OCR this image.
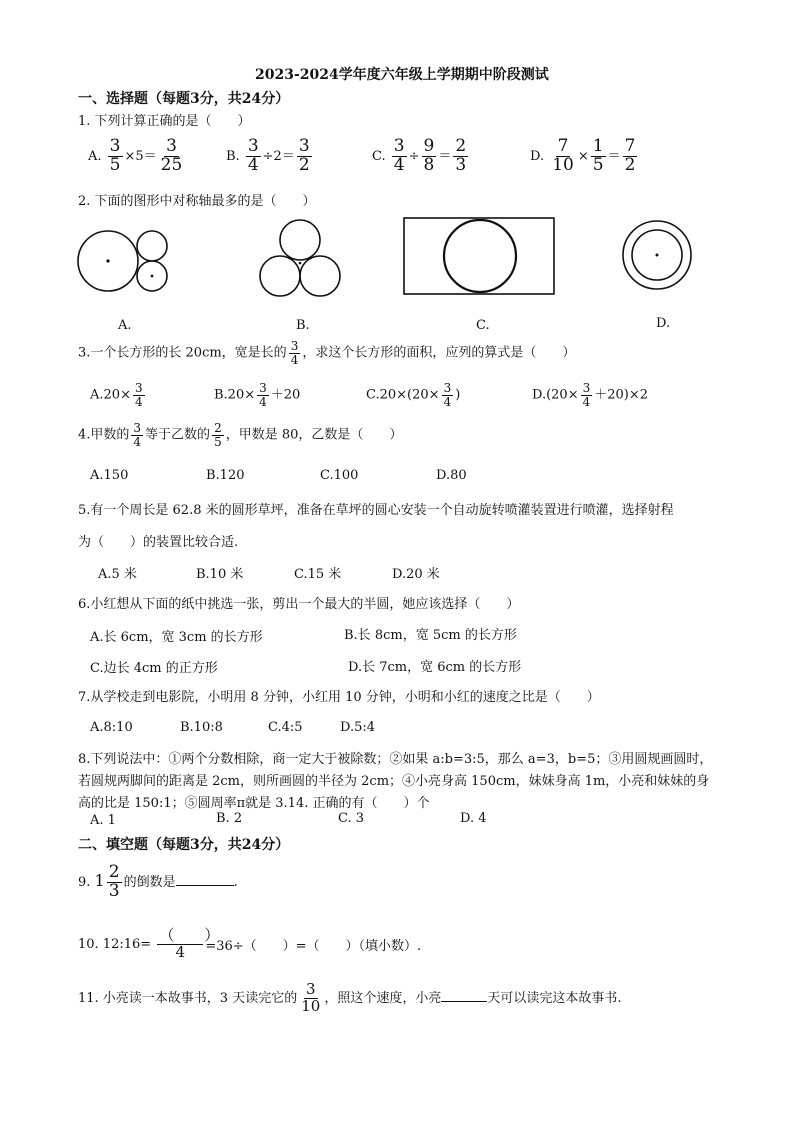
2023-2024学年度六年级上学期期中阶段测试
一、选择题（每题3分，共24分）
1. 下列计算正确的是（　　）
A. $\frac{3}{5} \times 5= \frac{3}{25}$	B. $\frac{3}{4} \div 2= \frac{3}{2}$	C. $\frac{3}{4} \div \frac{9}{8} = \frac{2}{3}$	D. $\frac{7}{10} \times \frac{1}{5} = \frac{7}{2}$
2. 下面的图形中对称轴最多的是（　　）
A.	B.	C.	D.
3.一个长方形的长 20cm，宽是长的 $\frac{3}{4}$ ，求这个长方形的面积，应列的算式是（　　）
$A.20\times \frac{3}{4}$	$B.20\times \frac{3}{4} +20$	$C.20\times(20\times \frac{3}{4}$ )	$D.(20\times \frac{3}{4} +20)\times 2$
4.甲数的 $\frac{3}{4}$ 等于乙数的 $\frac{2}{5}$ ，甲数是 80，乙数是（　　）
A.150	B.120	C.100	D.80
5.有一个周长是 62.8 米的圆形草坪，准备在草坪的圆心安装一个自动旋转喷灌装置进行喷灌，选择射程
为（　　）的装置比较合适.
A.5 米	B.10 米	C.15 米	D.20 米
6.小红想从下面的纸中挑选一张，剪出一个最大的半圆，她应该选择（　　）
A.长 6cm，宽 3cm 的长方形	B.长 8cm，宽 5cm 的长方形
C.边长 4cm 的正方形	D.长 7cm，宽 6cm 的长方形
7.从学校走到电影院，小明用 8 分钟，小红用 10 分钟，小明和小红的速度之比是（　　）
A.8:10	B.10:8	C.4:5	D.5:4
8.下列说法中：①两个分数相除，商一定大于被除数；②如果 a:b=3:5，那么 a=3，b=5；③用圆规画圆时，
若圆规两脚间的距离是 2cm，则所画圆的半径为 2cm；④小亮身高 150cm，妹妹身高 1m，小亮和妹妹的身
高的比是 150:1；⑤圆周率π就是 3.14. 正确的有（　　）个
A. 1	B. 2	C. 3	D. 4
二、填空题（每题3分，共24分）
9. $1 \frac{2}{3}$ 的倒数是	.
10. 12:16= $\frac{( )}{4} =36\div$（　　）=（　　）（填小数）.
11. 小亮读一本故事书，3 天读完它的 $\frac{3}{10}$ ，照这个速度，小亮	天可以读完这本故事书.
